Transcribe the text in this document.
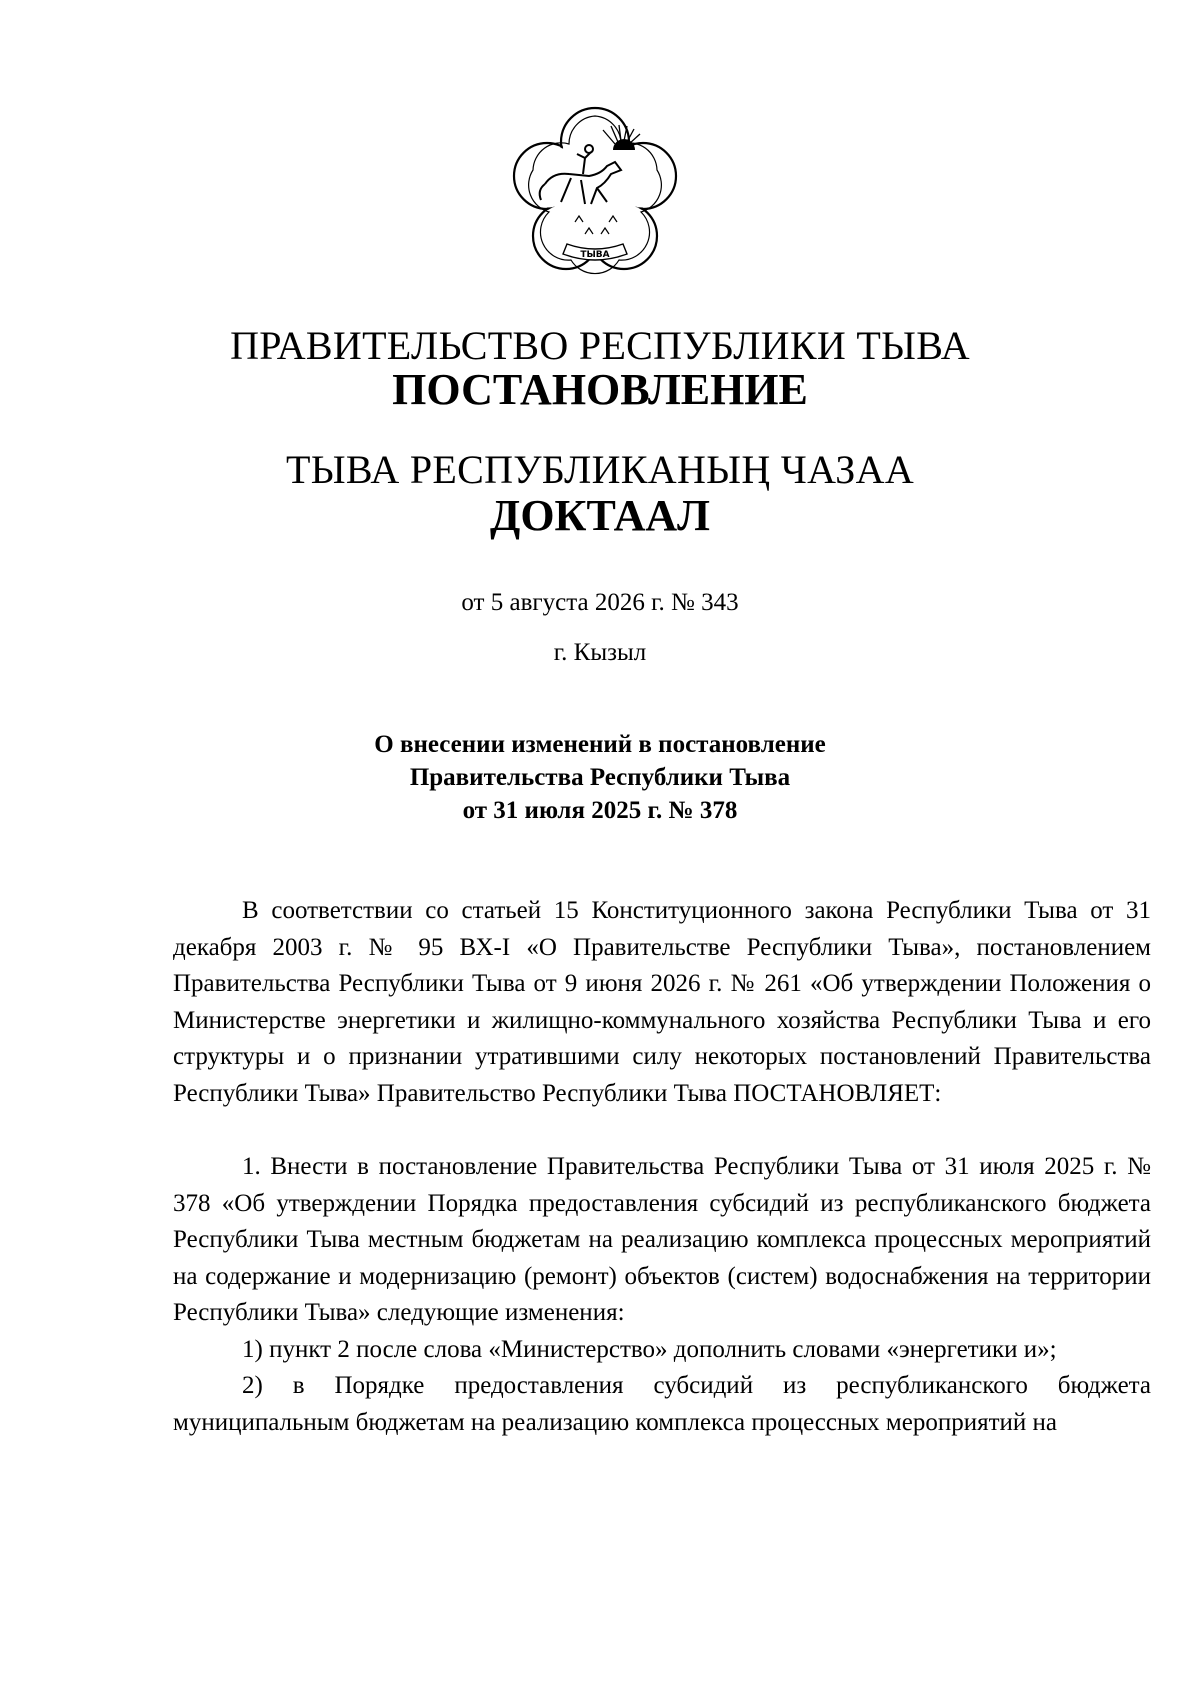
ТЫВА
ПРАВИТЕЛЬСТВО РЕСПУБЛИКИ ТЫВА
ПОСТАНОВЛЕНИЕ
ТЫВА РЕСПУБЛИКАНЫҢ ЧАЗАА
ДОКТААЛ
от 5 августа 2026 г. № 343
г. Кызыл
О внесении изменений в постановление
Правительства Республики Тыва
от 31 июля 2025 г. № 378

В соответствии со статьей 15 Конституционного закона Республики Тыва от 31 декабря 2003 г. № 95 ВХ-I «О Правительстве Республики Тыва», постановлением Правительства Республики Тыва от 9 июня 2026 г. № 261 «Об утверждении Положения о Министерстве энергетики и жилищно-коммунального хозяйства Республики Тыва и его структуры и о признании утратившими силу некоторых постановлений Правительства Республики Тыва» Правительство Республики Тыва ПОСТАНОВЛЯЕТ:

1. Внести в постановление Правительства Республики Тыва от 31 июля 2025 г. № 378 «Об утверждении Порядка предоставления субсидий из республиканского бюджета Республики Тыва местным бюджетам на реализацию комплекса процессных мероприятий на содержание и модернизацию (ремонт) объектов (систем) водоснабжения на территории Республики Тыва» следующие изменения:

1) пункт 2 после слова «Министерство» дополнить словами «энергетики и»;

2) в Порядке предоставления субсидий из республиканского бюджета муниципальным бюджетам на реализацию комплекса процессных мероприятий на
